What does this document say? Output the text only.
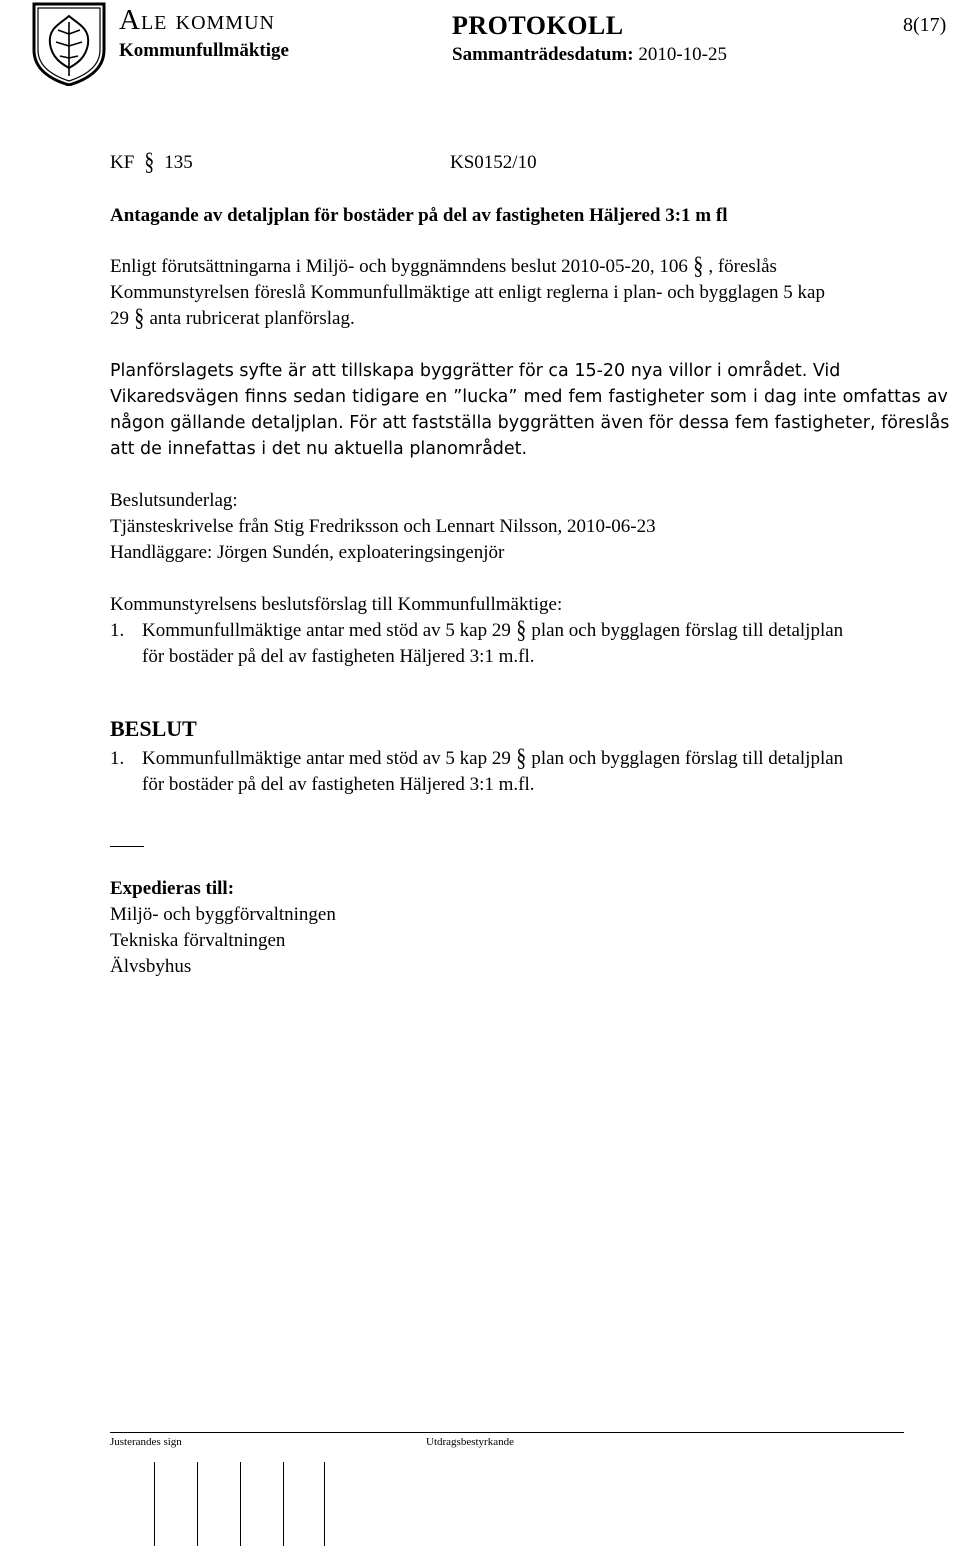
Ale kommun
Kommunfullmäktige
PROTOKOLL	8(17)
Sammanträdesdatum: 2010-10-25
KF § 135	KS0152/10
Antagande av detaljplan för bostäder på del av fastigheten Häljered 3:1 m fl
Enligt förutsättningarna i Miljö- och byggnämndens beslut 2010-05-20, 106 § , föreslås
Kommunstyrelsen föreslå Kommunfullmäktige att enligt reglerna i plan- och bygglagen 5 kap
29 § anta rubricerat planförslag.
Planförslagets syfte är att tillskapa byggrätter för ca 15-20 nya villor i området. Vid
Vikaredsvägen finns sedan tidigare en ”lucka” med fem fastigheter som i dag inte omfattas av
någon gällande detaljplan. För att fastställa byggrätten även för dessa fem fastigheter, föreslås
att de innefattas i det nu aktuella planområdet.
Beslutsunderlag:
Tjänsteskrivelse från Stig Fredriksson och Lennart Nilsson, 2010-06-23
Handläggare: Jörgen Sundén, exploateringsingenjör
Kommunstyrelsens beslutsförslag till Kommunfullmäktige:
1. Kommunfullmäktige antar med stöd av 5 kap 29 § plan och bygglagen förslag till detaljplan
för bostäder på del av fastigheten Häljered 3:1 m.fl.
BESLUT
1. Kommunfullmäktige antar med stöd av 5 kap 29 § plan och bygglagen förslag till detaljplan
för bostäder på del av fastigheten Häljered 3:1 m.fl.
Expedieras till:
Miljö- och byggförvaltningen
Tekniska förvaltningen
Älvsbyhus
Justerandes sign	Utdragsbestyrkande
